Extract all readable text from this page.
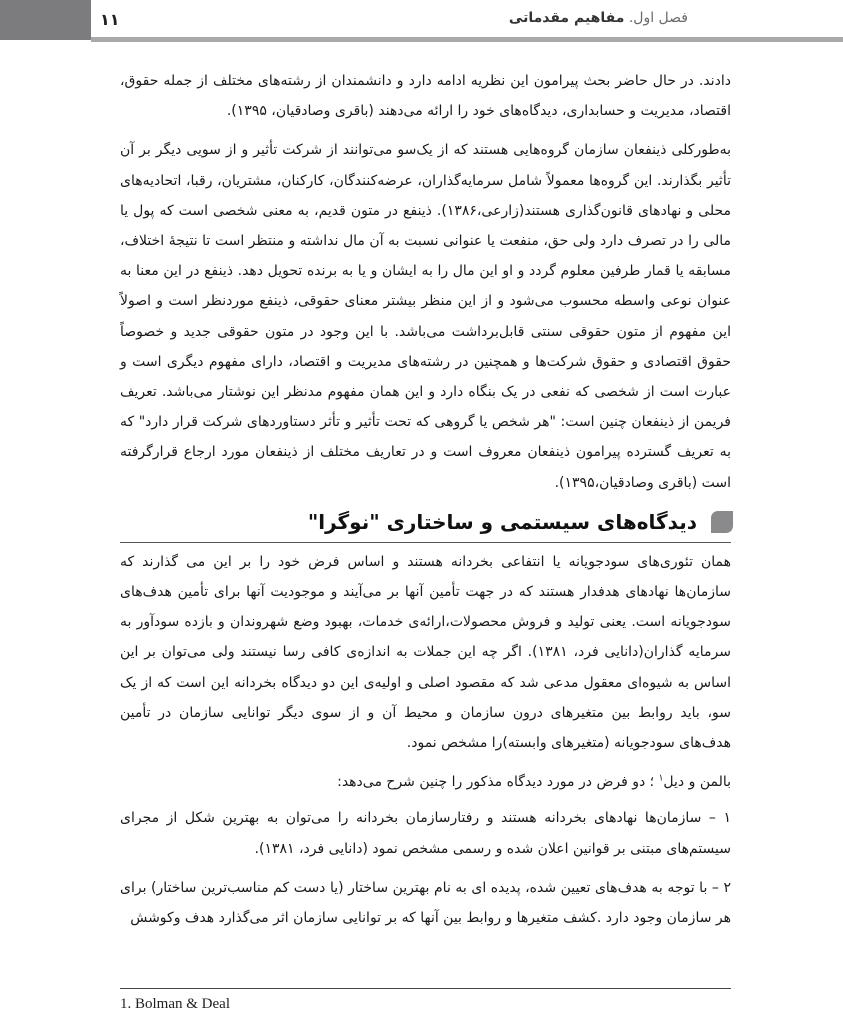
۱۱	فصل اول. مفاهیم مقدماتی

دادند. در حال حاضر بحث پیرامون این نظریه ادامه دارد و دانشمندان از رشته‌های مختلف از جمله حقوق، اقتصاد، مدیریت و حسابداری، دیدگاه‌های خود را ارائه می‌دهند (باقری وصادقیان، ۱۳۹۵).

به‌طورکلی ذینفعان سازمان گروه‌هایی هستند که از یک‌سو می‌توانند از شرکت تأثیر و از سویی دیگر بر آن تأثیر بگذارند. این گروه‌ها معمولاً شامل سرمایه‌گذاران، عرضه‌کنندگان، کارکنان، مشتریان، رقبا، اتحادیه‌های محلی و نهادهای قانون‌گذاری هستند(زارعی،۱۳۸۶). ذینفع در متون قدیم، به معنی شخصی است که پول یا مالی را در تصرف دارد ولی حق، منفعت یا عنوانی نسبت به آن مال نداشته و منتظر است تا نتیجهٔ اختلاف، مسابقه یا قمار طرفین معلوم گردد و او این مال را به ایشان و یا به برنده تحویل دهد. ذینفع در این معنا به عنوان نوعی واسطه محسوب می‌شود و از این منظر بیشتر معنای حقوقی، ذینفع موردنظر است و اصولاً این مفهوم از متون حقوقی سنتی قابل‌برداشت می‌باشد. با این وجود در متون حقوقی جدید و خصوصاً حقوق اقتصادی و حقوق شرکت‌ها و همچنین در رشته‌های مدیریت و اقتصاد، دارای مفهوم دیگری است و عبارت است از شخصی که نفعی در یک بنگاه دارد و این همان مفهوم مدنظر این نوشتار می‌باشد. تعریف فریمن از ذینفعان چنین است: "هر شخص یا گروهی که تحت تأثیر و تأثر دستاوردهای شرکت قرار دارد" که به تعریف گسترده پیرامون ذینفعان معروف است و در تعاریف مختلف از ذینفعان مورد ارجاع قرارگرفته است (باقری وصادقیان،۱۳۹۵).

دیدگاه‌های سیستمی و ساختاری "نوگرا"

همان تئوری‌های سودجویانه یا انتفاعی بخردانه هستند و اساس فرض خود را بر این می گذارند که سازمان‌ها نهادهای هدفدار هستند که در جهت تأمین آنها بر می‌آیند و موجودیت آنها برای تأمین هدف‌های سودجویانه است. یعنی تولید و فروش محصولات،ارائه‌ی خدمات، بهبود وضع شهروندان و بازده سودآور به سرمایه گذاران(دانایی فرد، ۱۳۸۱). اگر چه این جملات به اندازه‌ی کافی رسا نیستند ولی می‌توان بر این اساس به شیوه‌ای معقول مدعی شد که مقصود اصلی و اولیه‌ی این دو دیدگاه بخردانه این است که از یک سو، باید روابط بین متغیرهای درون سازمان و محیط آن و از سوی دیگر توانایی سازمان در تأمین هدف‌های سودجویانه (متغیرهای وابسته)را مشخص نمود.

بالمن و دیل$^۱$ ؛ دو فرض در مورد دیدگاه مذکور را چنین شرح می‌دهد:

۱ – سازمان‌ها نهادهای بخردانه هستند و رفتارسازمان بخردانه را می‌توان به بهترین شکل از مجرای سیستم‌های مبتنی بر قوانین اعلان شده و رسمی مشخص نمود (دانایی فرد، ۱۳۸۱).

۲ – با توجه به هدف‌های تعیین شده، پدیده ای به نام بهترین ساختار (یا دست کم مناسب‌ترین ساختار) برای هر سازمان وجود دارد .کشف متغیرها و روابط بین آنها که بر توانایی سازمان اثر می‌گذارد هدف وکوشش

1. Bolman & Deal
